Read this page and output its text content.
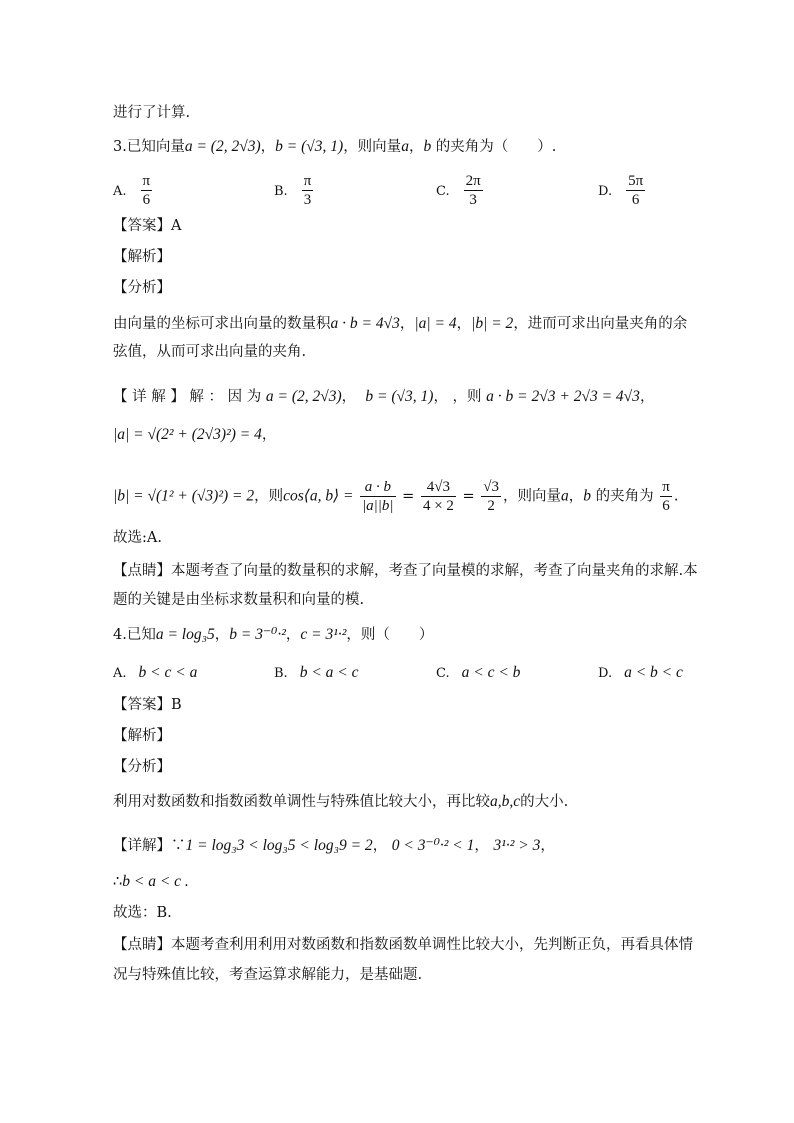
进行了计算.
3.已知向量a = (2, 2√3)，b = (√3, 1)，则向量a，b 的夹角为（　　）.
A. $\frac{\pi}{6}$	B. $\frac{\pi}{3}$	C. $\frac{2\pi}{3}$	D. $\frac{5\pi}{6}$
【答案】A
【解析】
【分析】
由向量的坐标可求出向量的数量积a · b = 4√3，|a| = 4，|b| = 2，进而可求出向量夹角的余
弦值，从而可求出向量的夹角.
【 详 解 】 解 ： 因 为 a = (2, 2√3)，  b = (√3, 1)， ，则 a · b = 2√3 + 2√3 = 4√3，
|a| = √(2² + (2√3)²) = 4，
|b| = √(1² + (√3)²) = 2，则cos⟨a, b⟩ = $\frac{a \cdot b}{|a||b|} = \frac{4√3}{4 \times 2} = \frac{√3}{2}$ ，则向量a，b 的夹角为 $\frac{\pi}{6}$ .
故选:A.
【点睛】本题考查了向量的数量积的求解，考查了向量模的求解，考查了向量夹角的求解.本
题的关键是由坐标求数量积和向量的模.
4.已知a = log₃5，b = 3⁻⁰·²，c = 3¹·²，则（　　）
A. b < c < a	B. b < a < c	C. a < c < b	D. a < b < c
【答案】B
【解析】
【分析】
利用对数函数和指数函数单调性与特殊值比较大小，再比较a,b,c的大小.
【详解】∵1 = log₃3 < log₃5 < log₃9 = 2， 0 < 3⁻⁰·² < 1， 3¹·² > 3，
∴b < a < c .
故选：B.
【点睛】本题考查利用利用对数函数和指数函数单调性比较大小，先判断正负，再看具体情
况与特殊值比较，考查运算求解能力，是基础题.
